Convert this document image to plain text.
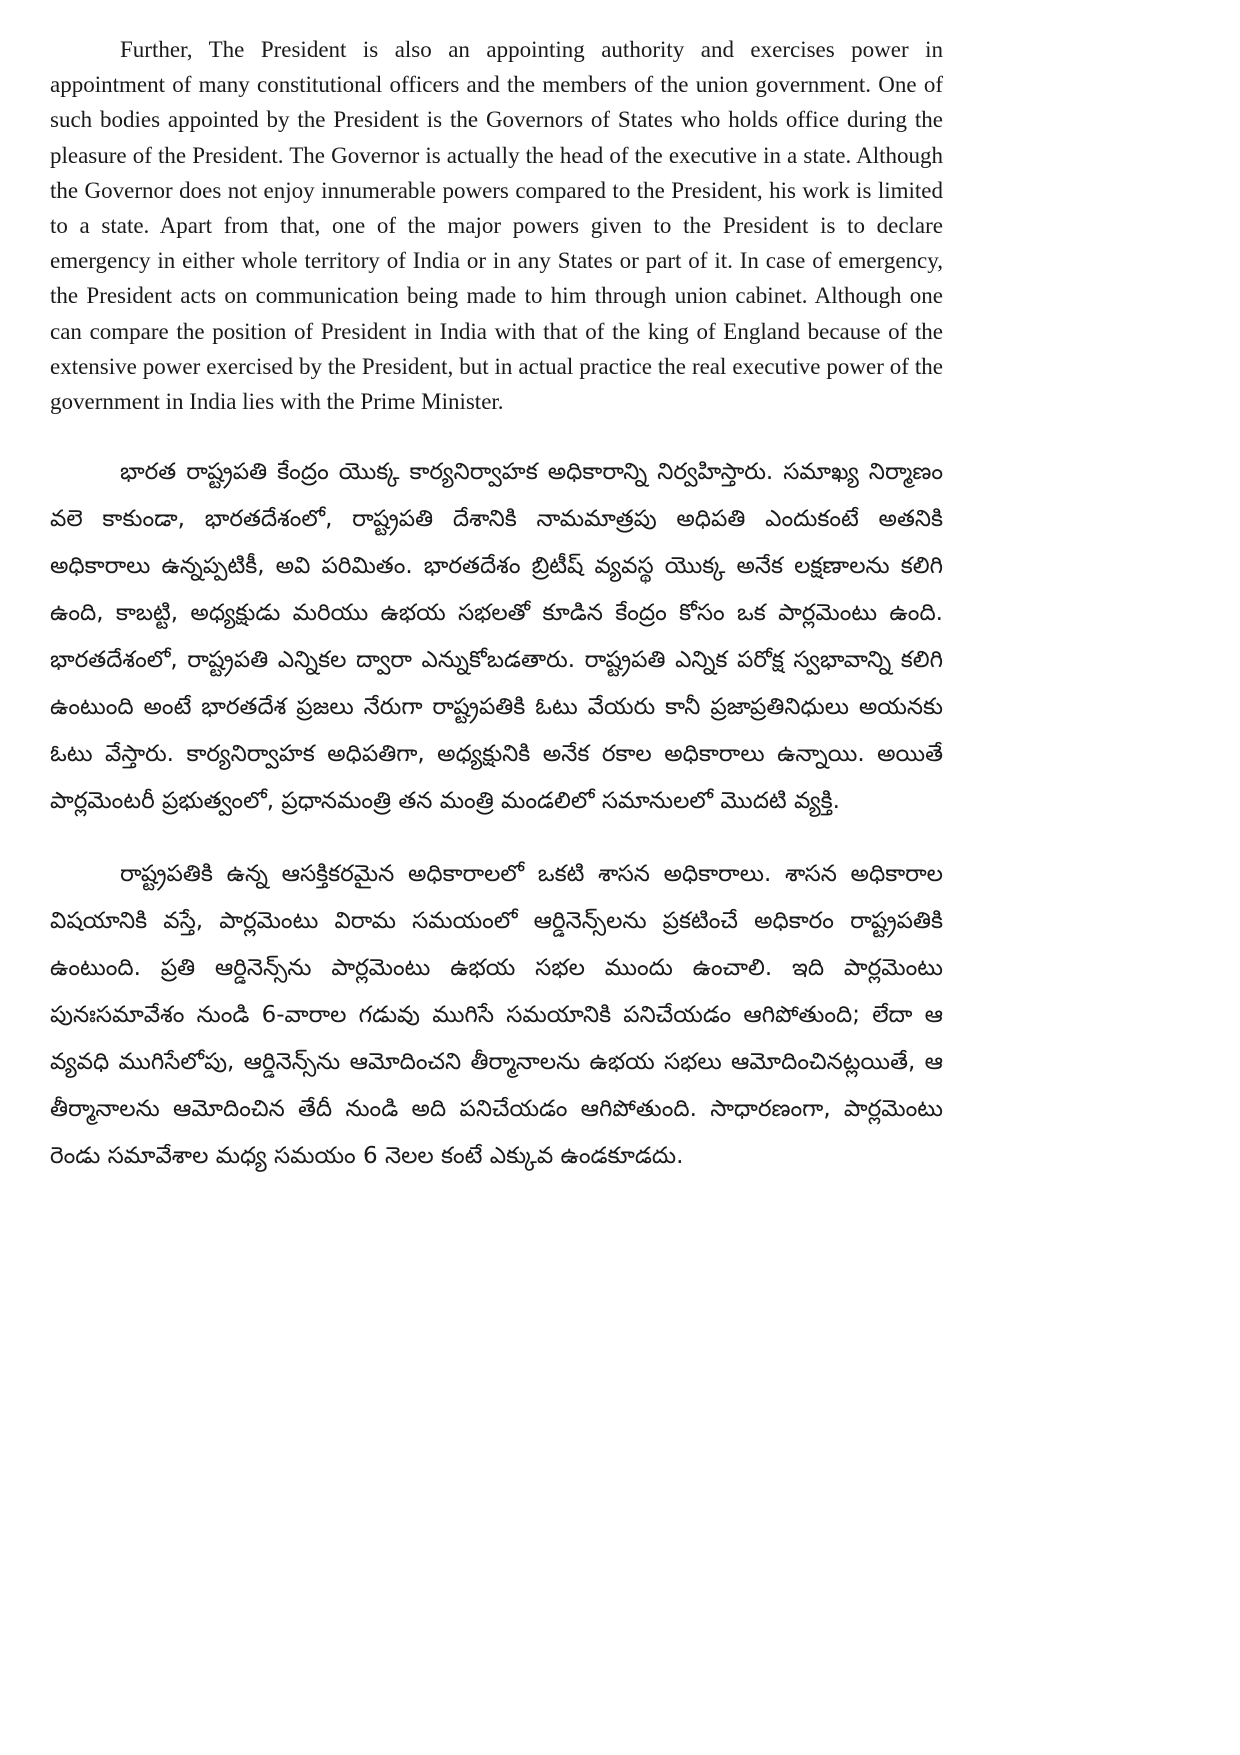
Further, The President is also an appointing authority and exercises power in appointment of many constitutional officers and the members of the union government. One of such bodies appointed by the President is the Governors of States who holds office during the pleasure of the President. The Governor is actually the head of the executive in a state. Although the Governor does not enjoy innumerable powers compared to the President, his work is limited to a state. Apart from that, one of the major powers given to the President is to declare emergency in either whole territory of India or in any States or part of it. In case of emergency, the President acts on communication being made to him through union cabinet. Although one can compare the position of President in India with that of the king of England because of the extensive power exercised by the President, but in actual practice the real executive power of the government in India lies with the Prime Minister.

భారత రాష్ట్రపతి కేంద్రం యొక్క కార్యనిర్వాహక అధికారాన్ని నిర్వహిస్తారు. సమాఖ్య నిర్మాణం వలె కాకుండా, భారతదేశంలో, రాష్ట్రపతి దేశానికి నామమాత్రపు అధిపతి ఎందుకంటే అతనికి అధికారాలు ఉన్నప్పటికీ, అవి పరిమితం. భారతదేశం బ్రిటీష్ వ్యవస్థ యొక్క అనేక లక్షణాలను కలిగి ఉంది, కాబట్టి, అధ్యక్షుడు మరియు ఉభయ సభలతో కూడిన కేంద్రం కోసం ఒక పార్లమెంటు ఉంది. భారతదేశంలో, రాష్ట్రపతి ఎన్నికల ద్వారా ఎన్నుకోబడతారు. రాష్ట్రపతి ఎన్నిక పరోక్ష స్వభావాన్ని కలిగి ఉంటుంది అంటే భారతదేశ ప్రజలు నేరుగా రాష్ట్రపతికి ఓటు వేయరు కానీ ప్రజాప్రతినిధులు అయనకు ఓటు వేస్తారు. కార్యనిర్వాహక అధిపతిగా, అధ్యక్షునికి అనేక రకాల అధికారాలు ఉన్నాయి. అయితే పార్లమెంటరీ ప్రభుత్వంలో, ప్రధానమంత్రి తన మంత్రి మండలిలో సమానులలో మొదటి వ్యక్తి.

రాష్ట్రపతికి ఉన్న ఆసక్తికరమైన అధికారాలలో ఒకటి శాసన అధికారాలు. శాసన అధికారాల విషయానికి వస్తే, పార్లమెంటు విరామ సమయంలో ఆర్డినెన్స్‌లను ప్రకటించే అధికారం రాష్ట్రపతికి ఉంటుంది. ప్రతి ఆర్డినెన్స్‌ను పార్లమెంటు ఉభయ సభల ముందు ఉంచాలి. ఇది పార్లమెంటు పునఃసమావేశం నుండి 6-వారాల గడువు ముగిసే సమయానికి పనిచేయడం ఆగిపోతుంది; లేదా ఆ వ్యవధి ముగిసేలోపు, ఆర్డినెన్స్‌ను ఆమోదించని తీర్మానాలను ఉభయ సభలు ఆమోదించినట్లయితే, ఆ తీర్మానాలను ఆమోదించిన తేదీ నుండి అది పనిచేయడం ఆగిపోతుంది. సాధారణంగా, పార్లమెంటు రెండు సమావేశాల మధ్య సమయం 6 నెలల కంటే ఎక్కువ ఉండకూడదు.
